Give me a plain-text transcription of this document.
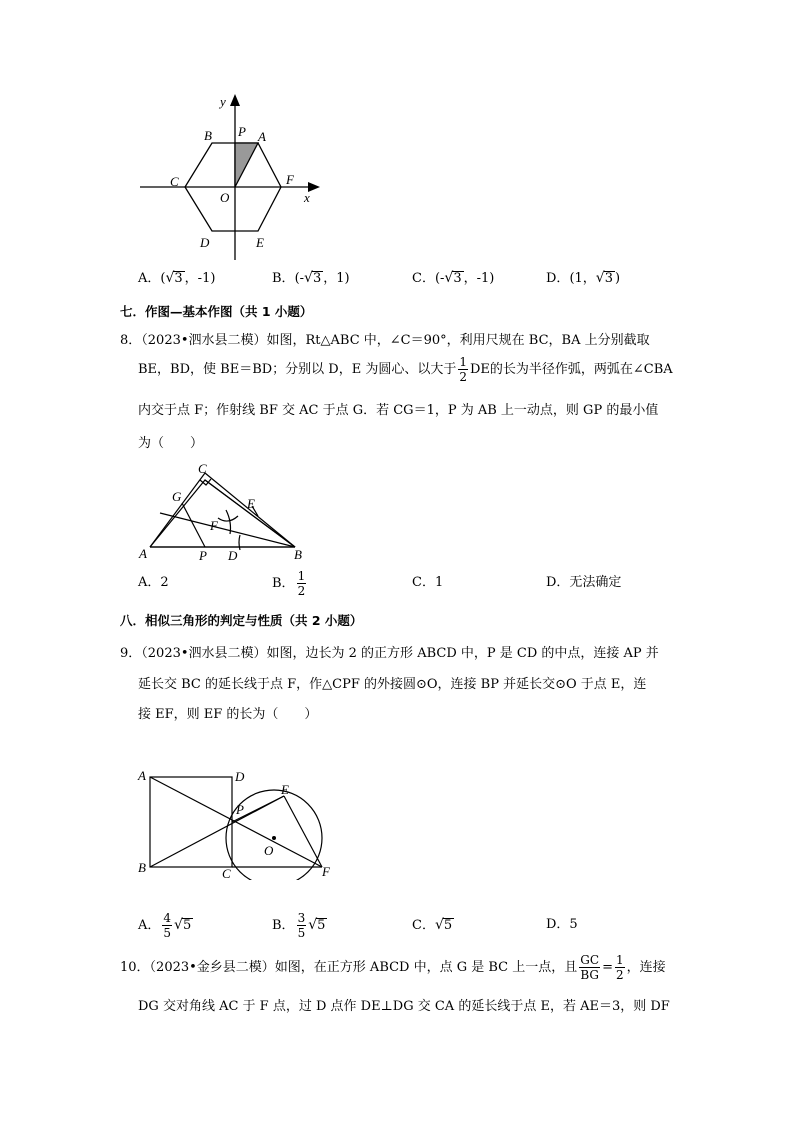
y
B P A
C
O
F
x
D	E
A．(√3 ，-1)	B．(-√3 ，1)	C．(-√3 ，-1)	D．(1，√3 )
七．作图—基本作图（共 1 小题）
8．（2023•泗水县二模）如图，Rt△ABC 中，∠C＝90°，利用尺规在 BC，BA 上分别截取
BE，BD，使 BE＝BD；分别以 D，E 为圆心、以大于 $\frac{1}{2}$ DE的长为半径作弧，两弧在∠CBA
内交于点 F；作射线 BF 交 AC 于点 G．若 CG＝1，P 为 AB 上一动点，则 GP 的最小值
为（　　）
C
G	E
F
A	P D	B
A．2	B． $\frac{1}{2}$	C．1	D．无法确定
八．相似三角形的判定与性质（共 2 小题）
9．（2023•泗水县二模）如图，边长为 2 的正方形 ABCD 中，P 是 CD 的中点，连接 AP 并
延长交 BC 的延长线于点 F，作△CPF 的外接圆⊙O，连接 BP 并延长交⊙O 于点 E，连
接 EF，则 EF 的长为（　　）
A	D
E
P
O
B	C	F
A． $\frac{4}{5} √5$	B． $\frac{3}{5} √5$	C．√5	D．5
10．（2023•金乡县二模）如图，在正方形 ABCD 中，点 G 是 BC 上一点，且 $\frac{GC}{BG} = \frac{1}{2}$ ，连接
DG 交对角线 AC 于 F 点，过 D 点作 DE⊥DG 交 CA 的延长线于点 E，若 AE＝3，则 DF
